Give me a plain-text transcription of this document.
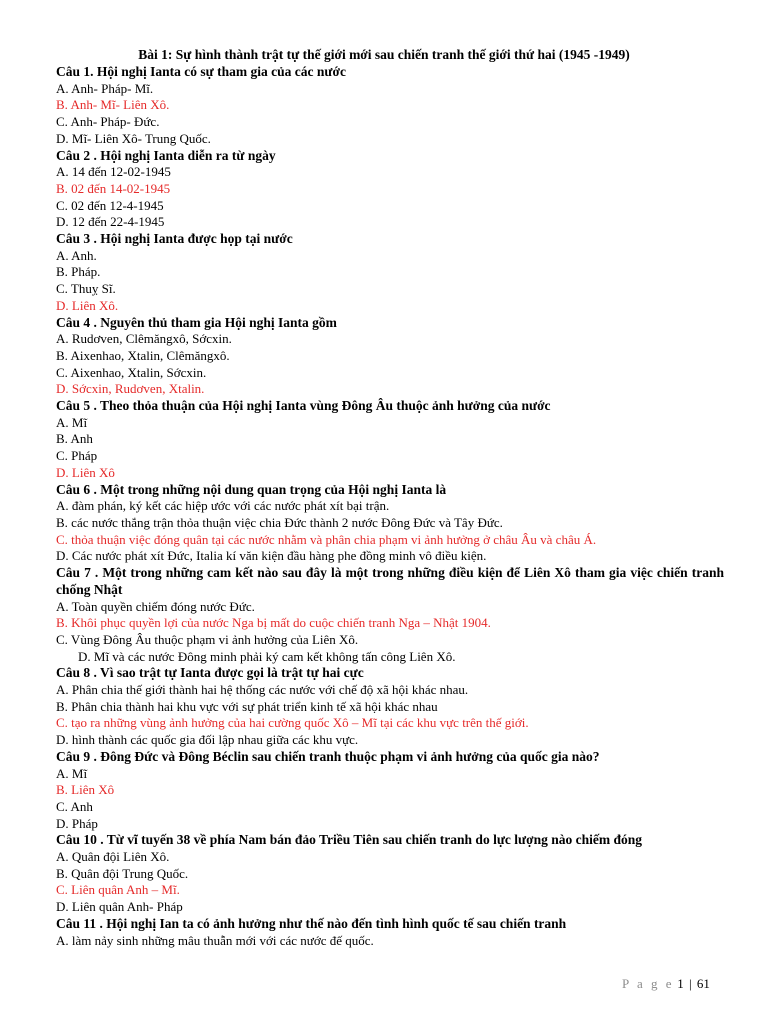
Bài 1: Sự hình thành trật tự thế giới mới sau chiến tranh thế giới thứ hai (1945 -1949)
Câu 1. Hội nghị Ianta có sự tham gia của các nước
A. Anh- Pháp- Mĩ.
B. Anh- Mĩ- Liên Xô.
C. Anh- Pháp- Đức.
D. Mĩ- Liên Xô- Trung Quốc.
Câu 2 . Hội nghị Ianta diễn ra từ ngày
A. 14 đến 12-02-1945
B. 02 đến 14-02-1945
C. 02 đến 12-4-1945
D. 12 đến 22-4-1945
Câu 3 . Hội nghị Ianta được họp tại nước
A. Anh.
B. Pháp.
C. Thuỵ Sĩ.
D. Liên Xô.
Câu 4 . Nguyên thủ tham gia Hội nghị Ianta gồm
A. Rudơven, Clêmăngxô, Sớcxin.
B. Aixenhao, Xtalin, Clêmăngxô.
C. Aixenhao, Xtalin, Sớcxin.
D. Sớcxin, Rudơven, Xtalin.
Câu 5 . Theo thỏa thuận của Hội nghị Ianta vùng Đông Âu thuộc ảnh hưởng của nước
A. Mĩ
B. Anh
C. Pháp
D. Liên Xô
Câu 6 . Một trong những nội dung quan trọng của Hội nghị Ianta là
A. đàm phán, ký kết các hiệp ước với các nước phát xít bại trận.
B. các nước thắng trận thỏa thuận việc chia Đức thành 2 nước Đông Đức và Tây Đức.
C. thỏa thuận việc đóng quân tại các nước nhằm và phân chia phạm vi ảnh hưởng ở châu Âu và châu Á.
D. Các nước phát xít Đức, Italia kí văn kiện đầu hàng phe đồng minh vô điều kiện.
Câu 7 . Một trong những cam kết nào sau đây là một trong những điều kiện để Liên Xô tham gia việc chiến tranh chống Nhật
A. Toàn quyền chiếm đóng nước Đức.
B. Khôi phục quyền lợi của nước Nga bị mất do cuộc chiến tranh Nga – Nhật 1904.
C. Vùng Đông Âu thuộc phạm vi ảnh hưởng của Liên Xô.
D. Mĩ và các nước Đông minh phải ký cam kết không tấn công Liên Xô.
Câu 8 . Vì sao trật tự Ianta được gọi là trật tự hai cực
A. Phân chia thế giới thành hai hệ thống các nước với chế độ xã hội khác nhau.
B. Phân chia thành hai khu vực với sự phát triển kinh tế xã hội khác nhau
C. tạo ra những vùng ảnh hưởng của hai cường quốc Xô – Mĩ tại các khu vực trên thế giới.
D. hình thành các quốc gia đối lập nhau giữa các khu vực.
Câu 9 . Đông Đức và Đông Béclin sau chiến tranh thuộc phạm vi ảnh hưởng của quốc gia nào?
A. Mĩ
B. Liên Xô
C. Anh
D. Pháp
Câu 10 . Từ vĩ tuyến 38 về phía Nam bán đảo Triều Tiên sau chiến tranh do lực lượng nào chiếm đóng
A. Quân đội Liên Xô.
B. Quân đội Trung Quốc.
C. Liên quân Anh – Mĩ.
D. Liên quân Anh- Pháp
Câu 11 . Hội nghị Ian ta có ảnh hưởng như thế nào đến tình hình quốc tế sau chiến tranh
A. làm nảy sinh những mâu thuẫn mới với các nước đế quốc.
P a g e 1 | 61
